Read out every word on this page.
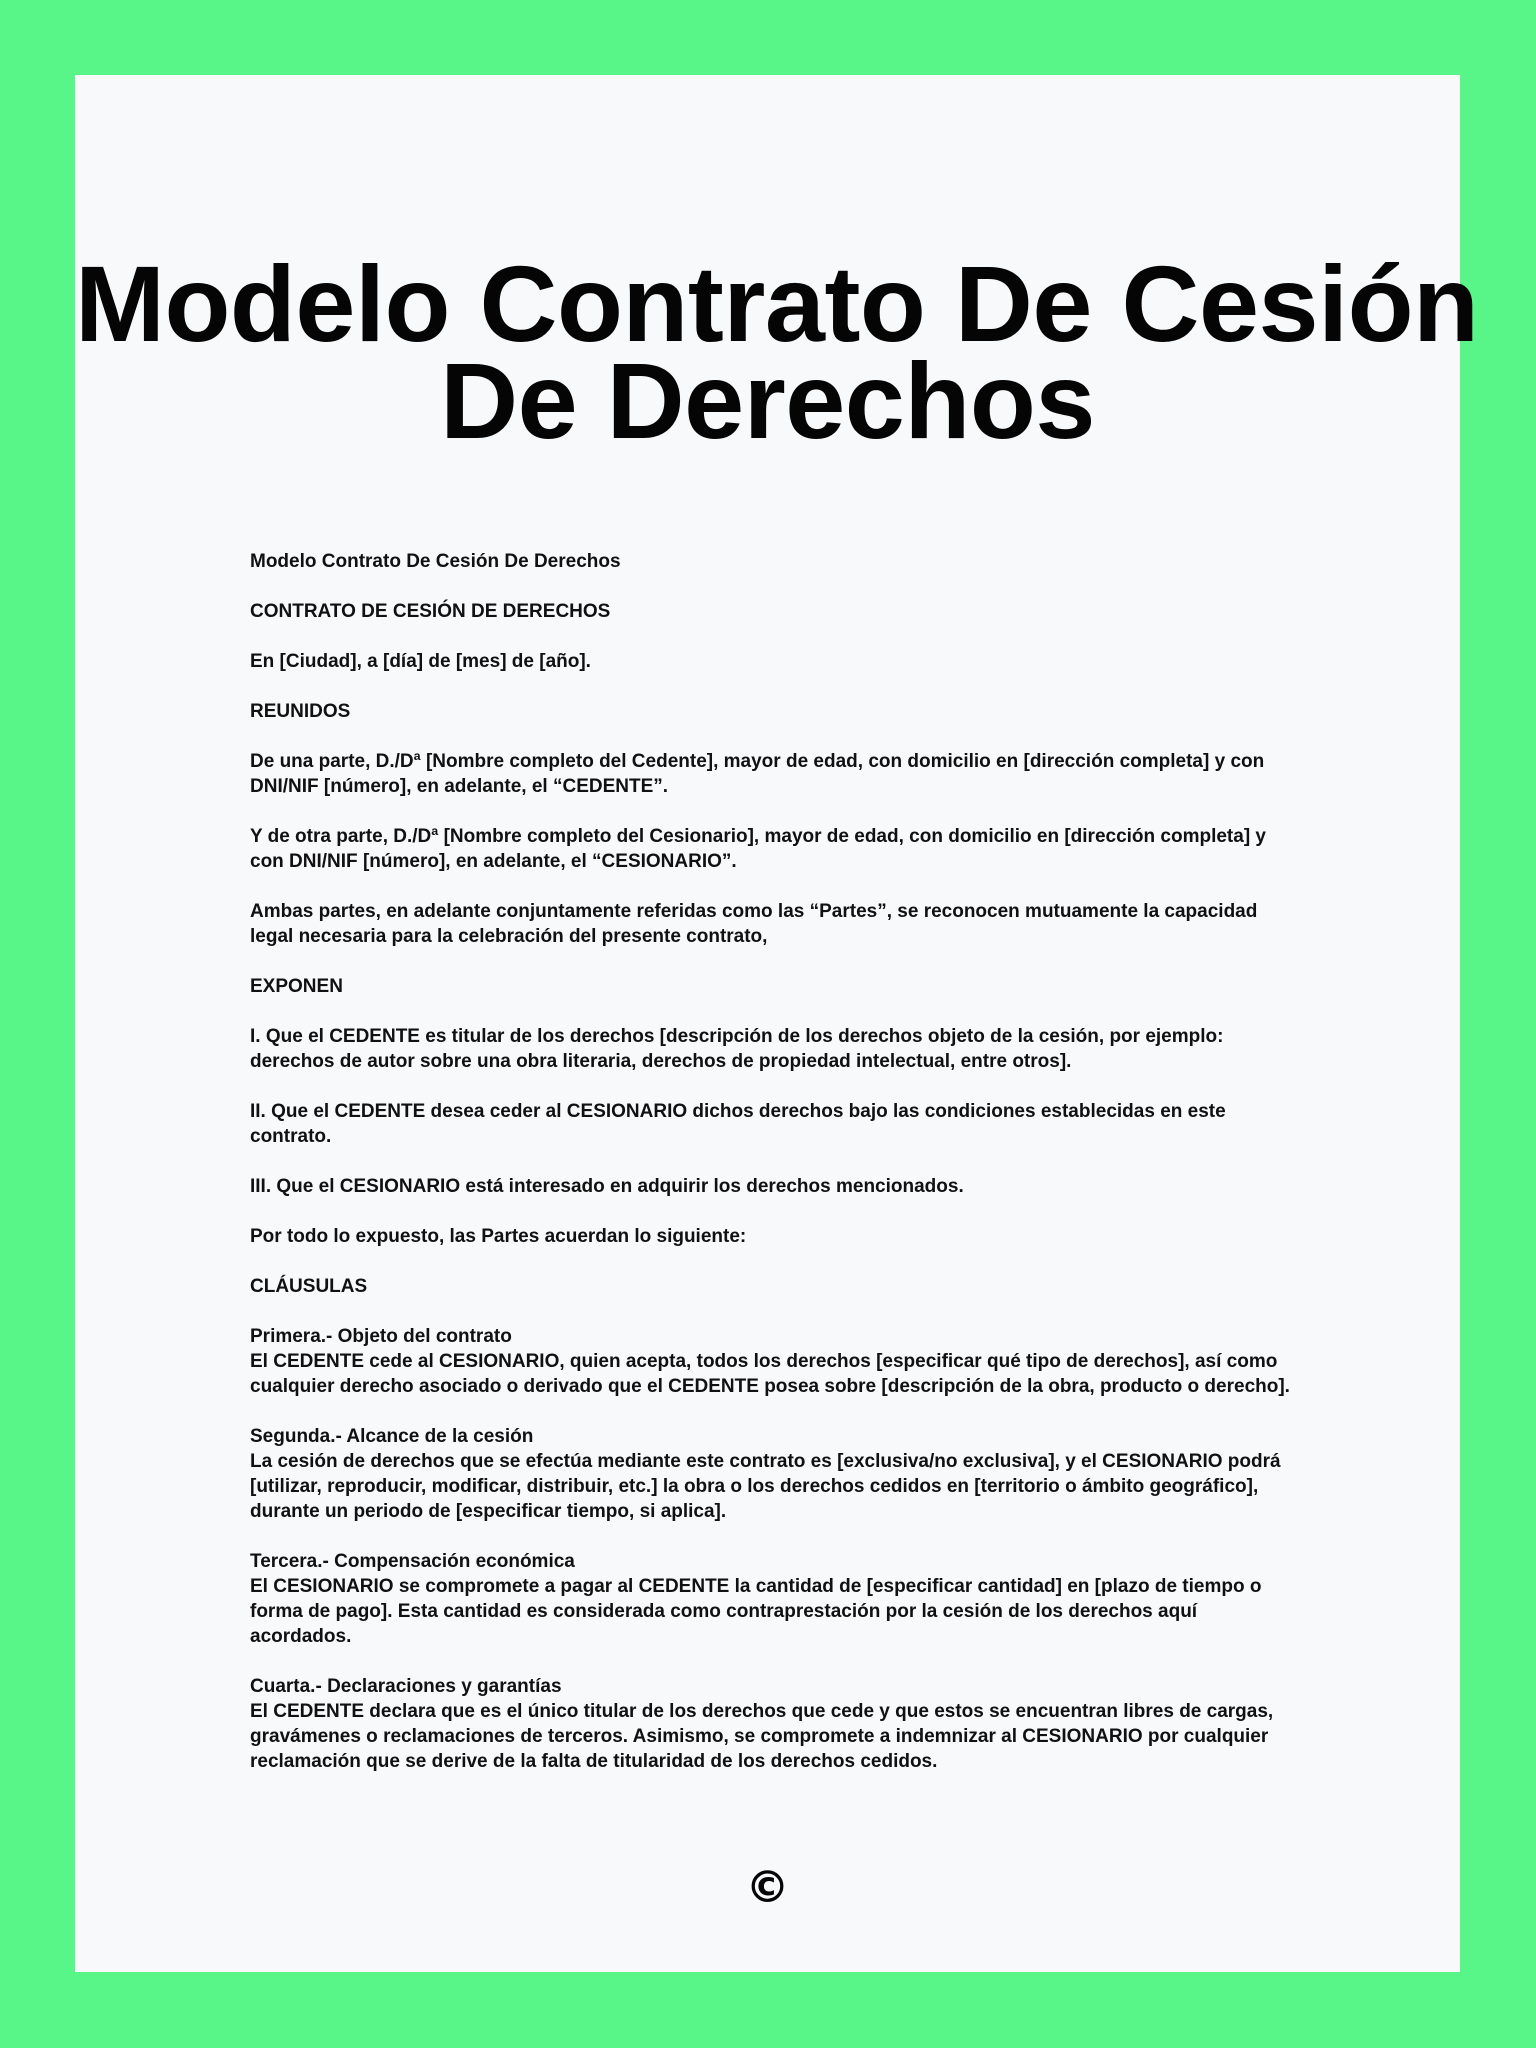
Modelo Contrato De Cesión
De Derechos

Modelo Contrato De Cesión De Derechos

CONTRATO DE CESIÓN DE DERECHOS

En [Ciudad], a [día] de [mes] de [año].

REUNIDOS

De una parte, D./Dª [Nombre completo del Cedente], mayor de edad, con domicilio en [dirección completa] y con DNI/NIF [número], en adelante, el “CEDENTE”.

Y de otra parte, D./Dª [Nombre completo del Cesionario], mayor de edad, con domicilio en [dirección completa] y con DNI/NIF [número], en adelante, el “CESIONARIO”.

Ambas partes, en adelante conjuntamente referidas como las “Partes”, se reconocen mutuamente la capacidad legal necesaria para la celebración del presente contrato,

EXPONEN

I. Que el CEDENTE es titular de los derechos [descripción de los derechos objeto de la cesión, por ejemplo: derechos de autor sobre una obra literaria, derechos de propiedad intelectual, entre otros].

II. Que el CEDENTE desea ceder al CESIONARIO dichos derechos bajo las condiciones establecidas en este contrato.

III. Que el CESIONARIO está interesado en adquirir los derechos mencionados.

Por todo lo expuesto, las Partes acuerdan lo siguiente:

CLÁUSULAS

Primera.- Objeto del contrato
El CEDENTE cede al CESIONARIO, quien acepta, todos los derechos [especificar qué tipo de derechos], así como cualquier derecho asociado o derivado que el CEDENTE posea sobre [descripción de la obra, producto o derecho].
Segunda.- Alcance de la cesión
La cesión de derechos que se efectúa mediante este contrato es [exclusiva/no exclusiva], y el CESIONARIO podrá [utilizar, reproducir, modificar, distribuir, etc.] la obra o los derechos cedidos en [territorio o ámbito geográfico], durante un periodo de [especificar tiempo, si aplica].
Tercera.- Compensación económica
El CESIONARIO se compromete a pagar al CEDENTE la cantidad de [especificar cantidad] en [plazo de tiempo o forma de pago]. Esta cantidad es considerada como contraprestación por la cesión de los derechos aquí acordados.
Cuarta.- Declaraciones y garantías
El CEDENTE declara que es el único titular de los derechos que cede y que estos se encuentran libres de cargas, gravámenes o reclamaciones de terceros. Asimismo, se compromete a indemnizar al CESIONARIO por cualquier reclamación que se derive de la falta de titularidad de los derechos cedidos.
©
